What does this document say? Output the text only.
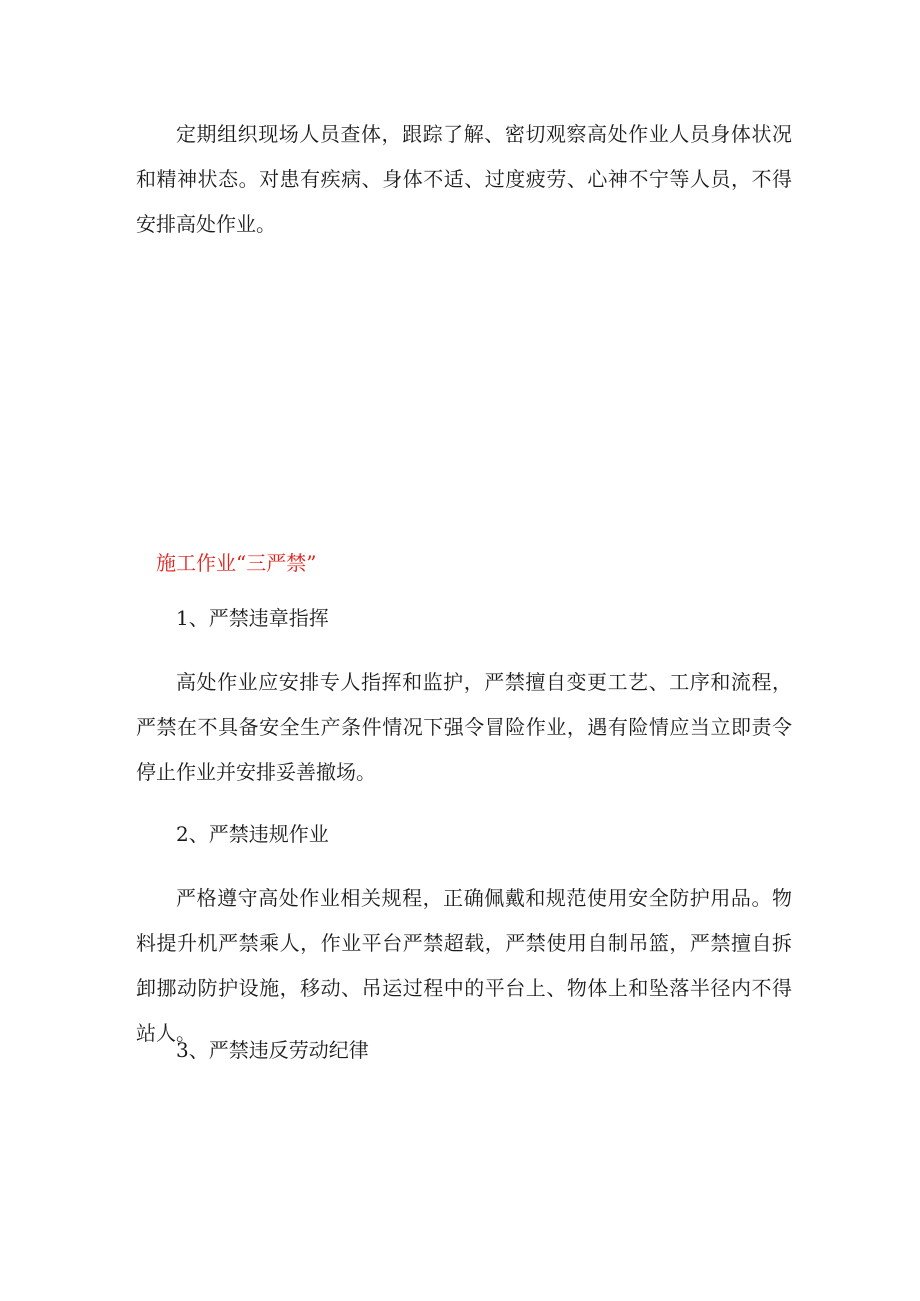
定期组织现场人员查体，跟踪了解、密切观察高处作业人员身体状况和精神状态。对患有疾病、身体不适、过度疲劳、心神不宁等人员，不得安排高处作业。

施工作业“三严禁”

1、严禁违章指挥

高处作业应安排专人指挥和监护，严禁擅自变更工艺、工序和流程，严禁在不具备安全生产条件情况下强令冒险作业，遇有险情应当立即责令停止作业并安排妥善撤场。

2、严禁违规作业

严格遵守高处作业相关规程，正确佩戴和规范使用安全防护用品。物料提升机严禁乘人，作业平台严禁超载，严禁使用自制吊篮，严禁擅自拆卸挪动防护设施，移动、吊运过程中的平台上、物体上和坠落半径内不得站人。

3、严禁违反劳动纪律
